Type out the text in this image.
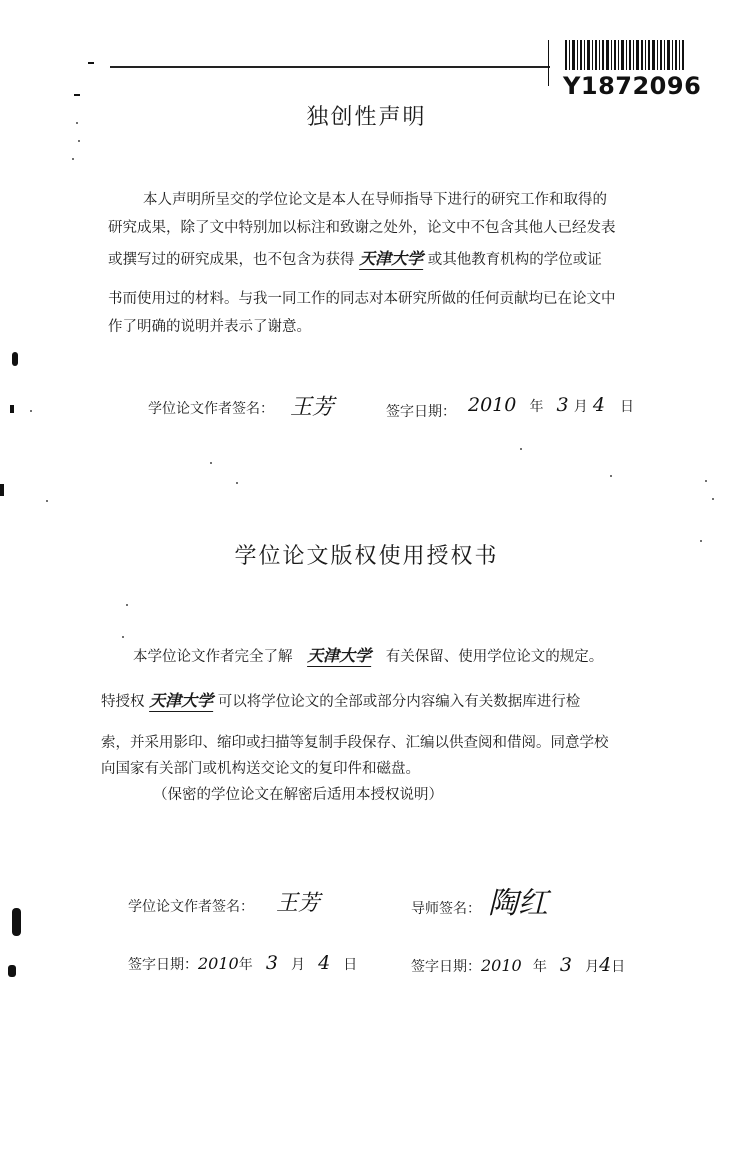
Y1872096
独创性声明
本人声明所呈交的学位论文是本人在导师指导下进行的研究工作和取得的
研究成果，除了文中特别加以标注和致谢之处外，论文中不包含其他人已经发表
或撰写过的研究成果，也不包含为获得 天津大学 或其他教育机构的学位或证
书而使用过的材料。与我一同工作的同志对本研究所做的任何贡献均已在论文中
作了明确的说明并表示了谢意。
学位论文作者签名： 王芳	签字日期： 2010 年 3 月 4 日
学位论文版权使用授权书
本学位论文作者完全了解 天津大学 有关保留、使用学位论文的规定。
特授权 天津大学 可以将学位论文的全部或部分内容编入有关数据库进行检
索，并采用影印、缩印或扫描等复制手段保存、汇编以供查阅和借阅。同意学校
向国家有关部门或机构送交论文的复印件和磁盘。
（保密的学位论文在解密后适用本授权说明）
学位论文作者签名： 王芳	导师签名： 陶红
签字日期：2010年 3 月 4 日	签字日期：2010 年 3 月4日
